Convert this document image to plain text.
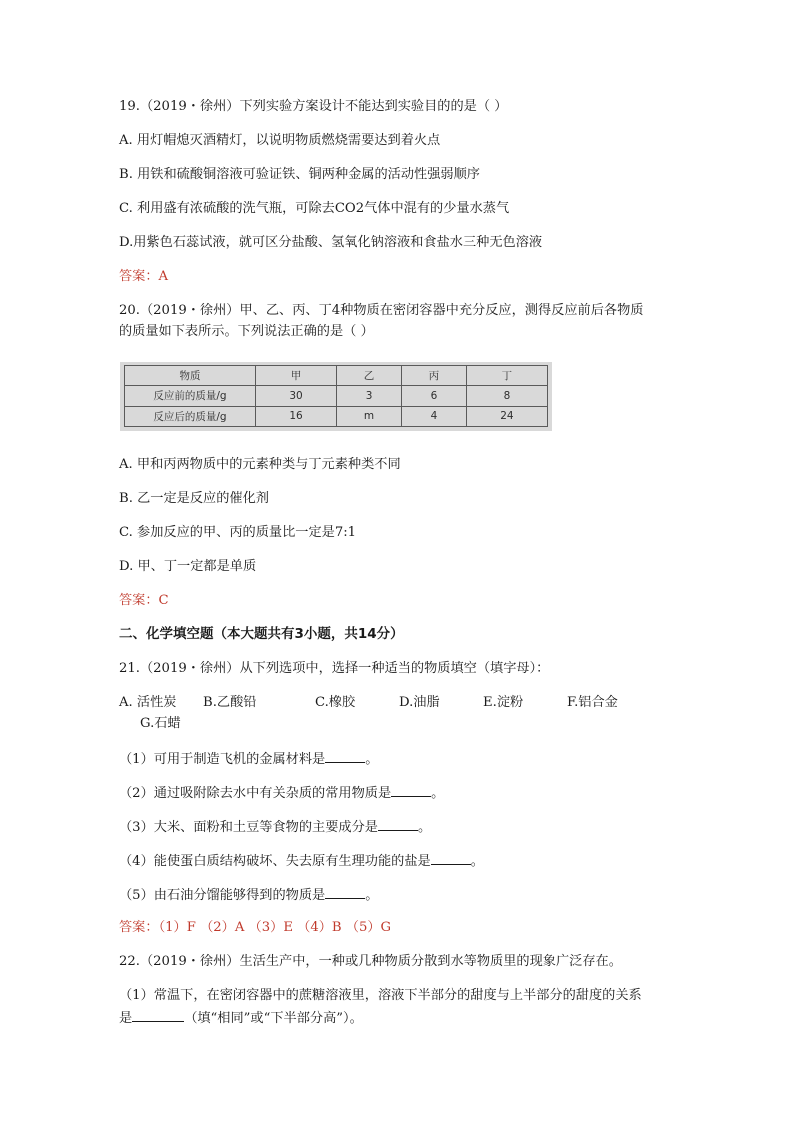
19.（2019・徐州）下列实验方案设计不能达到实验目的的是（ ）
A. 用灯帽熄灭酒精灯，以说明物质燃烧需要达到着火点
B. 用铁和硫酸铜溶液可验证铁、铜两种金属的活动性强弱顺序
C. 利用盛有浓硫酸的洗气瓶，可除去CO2气体中混有的少量水蒸气
D.用紫色石蕊试液，就可区分盐酸、氢氧化钠溶液和食盐水三种无色溶液
答案：A
20.（2019・徐州）甲、乙、丙、丁4种物质在密闭容器中充分反应，测得反应前后各物质
的质量如下表所示。下列说法正确的是（ ）
物质	甲	乙	丙	丁
反应前的质量/g	30	3	6	8
反应后的质量/g	16	m	4	24
A. 甲和丙两物质中的元素种类与丁元素种类不同
B. 乙一定是反应的催化剂
C. 参加反应的甲、丙的质量比一定是7:1
D. 甲、丁一定都是单质
答案：C
二、化学填空题（本大题共有3小题，共14分）
21.（2019・徐州）从下列选项中，选择一种适当的物质填空（填字母）：
A. 活性炭 B.乙酸铅	C.橡胶	D.油脂	E.淀粉	F.铝合金
G.石蜡
（1）可用于制造飞机的金属材料是	。
（2）通过吸附除去水中有关杂质的常用物质是	。
（3）大米、面粉和土豆等食物的主要成分是	。
（4）能使蛋白质结构破坏、失去原有生理功能的盐是	。
（5）由石油分馏能够得到的物质是	。
答案：（1）F （2）A （3）E （4）B （5）G
22.（2019・徐州）生活生产中，一种或几种物质分散到水等物质里的现象广泛存在。
（1）常温下，在密闭容器中的蔗糖溶液里，溶液下半部分的甜度与上半部分的甜度的关系
是	（填“相同”或“下半部分高”）。
